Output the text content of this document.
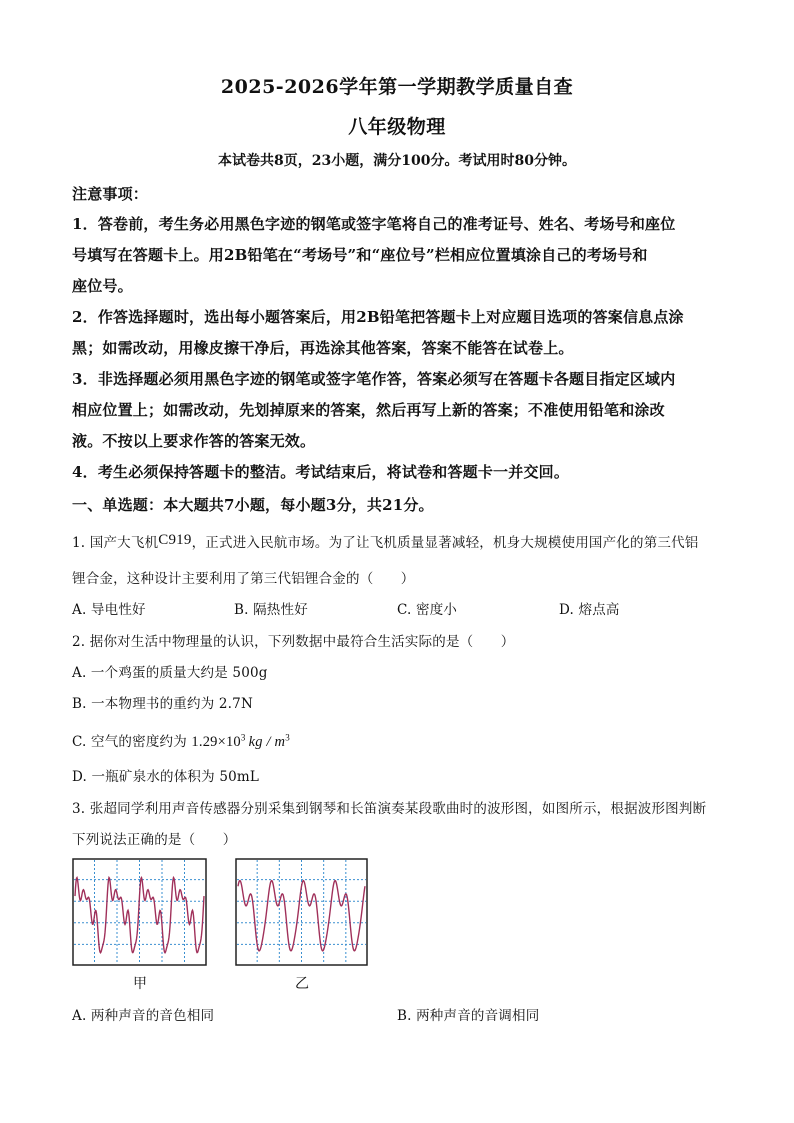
2025-2026学年第一学期教学质量自查
八年级物理
本试卷共8页，23小题，满分100分。考试用时80分钟。
注意事项：
1．答卷前，考生务必用黑色字迹的钢笔或签字笔将自己的准考证号、姓名、考场号和座位
号填写在答题卡上。用2B铅笔在“考场号”和“座位号”栏相应位置填涂自己的考场号和
座位号。
2．作答选择题时，选出每小题答案后，用2B铅笔把答题卡上对应题目选项的答案信息点涂
黑；如需改动，用橡皮擦干净后，再选涂其他答案，答案不能答在试卷上。
3．非选择题必须用黑色字迹的钢笔或签字笔作答，答案必须写在答题卡各题目指定区域内
相应位置上；如需改动，先划掉原来的答案，然后再写上新的答案；不准使用铅笔和涂改
液。不按以上要求作答的答案无效。
4．考生必须保持答题卡的整洁。考试结束后，将试卷和答题卡一并交回。
一、单选题：本大题共7小题，每小题3分，共21分。
1. 国产大飞机C919，正式进入民航市场。为了让飞机质量显著减轻，机身大规模使用国产化的第三代铝
锂合金，这种设计主要利用了第三代铝锂合金的（　　）
A. 导电性好	B. 隔热性好	C. 密度小	D. 熔点高
2. 据你对生活中物理量的认识，下列数据中最符合生活实际的是（　　）
A. 一个鸡蛋的质量大约是 500g
B. 一本物理书的重约为 2.7N
C. 空气的密度约为 $1.29\times 10^3$ kg / $m^3$
D. 一瓶矿泉水的体积为 50mL
3. 张超同学利用声音传感器分别采集到钢琴和长笛演奏某段歌曲时的波形图，如图所示，根据波形图判断
下列说法正确的是（　　）
甲	乙
A. 两种声音的音色相同	B. 两种声音的音调相同
